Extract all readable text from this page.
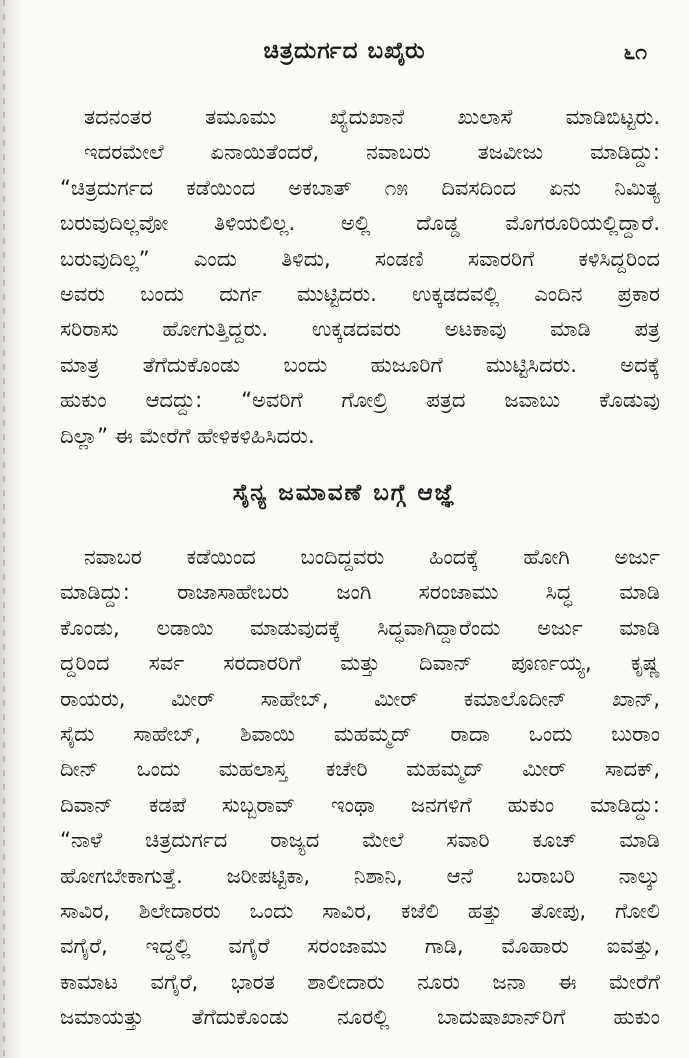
ಚಿತ್ರದುರ್ಗದ ಬಖೈರು	೬೧
ತದನಂತರ ತಮೂಮು ಖ್ಯೆದುಖಾನೆ ಖುಲಾಸೆ ಮಾಡಿಬಿಟ್ಟರು.
ಇದರಮೇಲೆ ಏನಾಯಿತೆಂದರೆ, ನವಾಬರು ತಜವೀಜು ಮಾಡಿದ್ದು:
“ಚಿತ್ರದುರ್ಗದ ಕಡೆಯಿಂದ ಅಕಬಾತ್ ೧೫ ದಿವಸದಿಂದ ಏನು ನಿಮಿತ್ಯ
ಬರುವುದಿಲ್ಲವೋ ತಿಳಿಯಲಿಲ್ಲ. ಅಲ್ಲಿ ದೊಡ್ಡ ಮೊಗರೂರಿಯಲ್ಲಿದ್ದಾರೆ.
ಬರುವುದಿಲ್ಲ” ಎಂದು ತಿಳಿದು, ಸಂಡಣಿ ಸವಾರರಿಗೆ ಕಳಿಸಿದ್ದರಿಂದ
ಅವರು ಬಂದು ದುರ್ಗ ಮುಟ್ಟಿದರು. ಉಕ್ಕಡದವಲ್ಲಿ ಎಂದಿನ ಪ್ರಕಾರ
ಸರಿರಾಸು ಹೋಗುತ್ತಿದ್ದರು. ಉಕ್ಕಡದವರು ಅಟಕಾವು ಮಾಡಿ ಪತ್ರ
ಮಾತ್ರ ತೆಗೆದುಕೊಂಡು ಬಂದು ಹುಜೂರಿಗೆ ಮುಟ್ಟಿಸಿದರು. ಅದಕ್ಕೆ
ಹುಕುಂ ಆದದ್ದು: “ಅವರಿಗೆ ಗೋಲ್ರಿ ಪತ್ರದ ಜವಾಬು ಕೊಡುವು
ದಿಲ್ಲಾ” ಈ ಮೇರೆಗೆ ಹೇಳಿಕಳಿಹಿಸಿದರು.
ಸೈನ್ಯ ಜಮಾವಣೆ ಬಗ್ಗೆ ಆಜ್ಞೆ
ನವಾಬರ ಕಡೆಯಿಂದ ಬಂದಿದ್ದವರು ಹಿಂದಕ್ಕೆ ಹೋಗಿ ಅರ್ಜು
ಮಾಡಿದ್ದು: ರಾಜಾಸಾಹೇಬರು ಜಂಗಿ ಸರಂಜಾಮು ಸಿದ್ಧ ಮಾಡಿ
ಕೊಂಡು, ಲಡಾಯಿ ಮಾಡುವುದಕ್ಕೆ ಸಿದ್ಧವಾಗಿದ್ದಾರೆಂದು ಅರ್ಜು ಮಾಡಿ
ದ್ದರಿಂದ ಸರ್ವ ಸರದಾರರಿಗೆ ಮತ್ತು ದಿವಾನ್ ಪೂರ್ಣಯ್ಯ, ಕೃಷ್ಣ
ರಾಯರು, ಮೀರ್ ಸಾಹೇಬ್, ಮೀರ್ ಕಮಾಲೊದೀನ್ ಖಾನ್,
ಸೈದು ಸಾಹೇಬ್, ಶಿವಾಯಿ ಮಹಮ್ಮದ್ ರಾದಾ ಒಂದು ಬುರಾಂ
ದೀನ್ ಒಂದು ಮಹಲಾಸ್ತ ಕಚೇರಿ ಮಹಮ್ಮದ್ ಮೀರ್ ಸಾದಕ್,
ದಿವಾನ್ ಕಡಪೆ ಸುಬ್ಬರಾವ್ ಇಂಥಾ ಜನಗಳಿಗೆ ಹುಕುಂ ಮಾಡಿದ್ದು:
“ನಾಳೆ ಚಿತ್ರದುರ್ಗದ ರಾಜ್ಯದ ಮೇಲೆ ಸವಾರಿ ಕೂಚ್ ಮಾಡಿ
ಹೋಗಬೇಕಾಗುತ್ತೆ. ಜರೀಪಟ್ಟಿಕಾ, ನಿಶಾನಿ, ಆನೆ ಬರಾಬರಿ ನಾಲ್ಕು
ಸಾವಿರ, ಶಿಲೇದಾರರು ಒಂದು ಸಾವಿರ, ಕಜೆಲಿ ಹತ್ತು ತೋಪು, ಗೋಲಿ
ವಗೈರೆ, ಇದ್ದಲ್ಲಿ ವಗೈರೆ ಸರಂಜಾಮು ಗಾಡಿ, ಮೊಹಾರು ಐವತ್ತು,
ಕಾಮಾಟ ವಗೈರೆ, ಭಾರತ ಶಾಲೀದಾರು ನೂರು ಜನಾ ಈ ಮೇರೆಗೆ
ಜಮಾಯತ್ತು ತೆಗೆದುಕೊಂಡು ನೂರಲ್ಲಿ ಬಾದುಷಾಖಾನ್‌ರಿಗೆ ಹುಕುಂ
